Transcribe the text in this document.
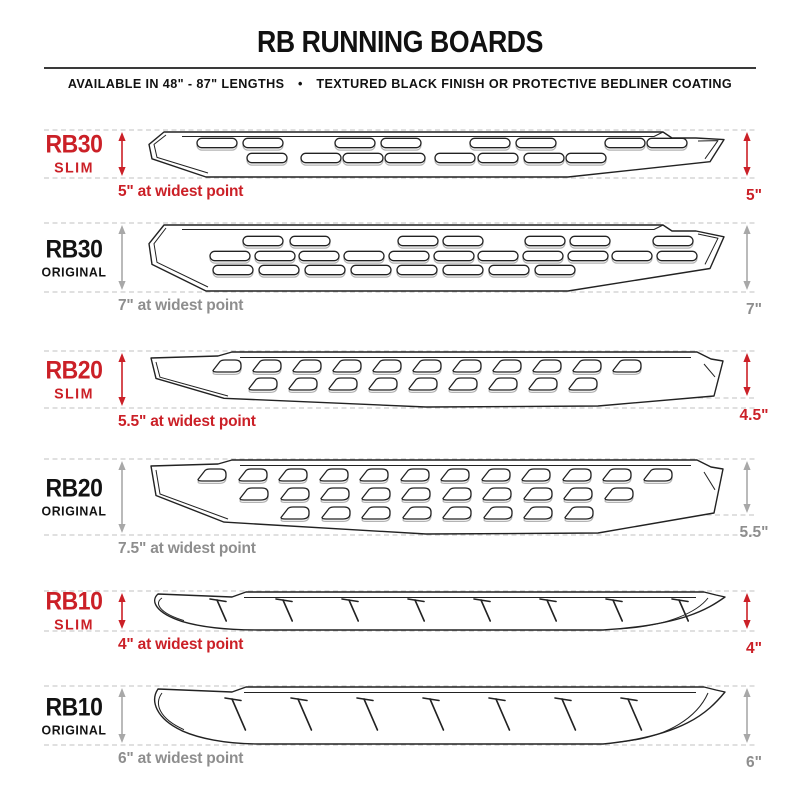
RB RUNNING BOARDS
AVAILABLE IN 48" - 87" LENGTHS • TEXTURED BLACK FINISH OR PROTECTIVE BEDLINER COATING
RB30
SLIM
5" at widest point	5"
RB30
ORIGINAL
7" at widest point	7"
RB20
SLIM
5.5" at widest point	4.5"
RB20
ORIGINAL
7.5" at widest point
5.5"
RB10
SLIM
4" at widest point	4"
RB10
ORIGINAL
6" at widest point	6"
